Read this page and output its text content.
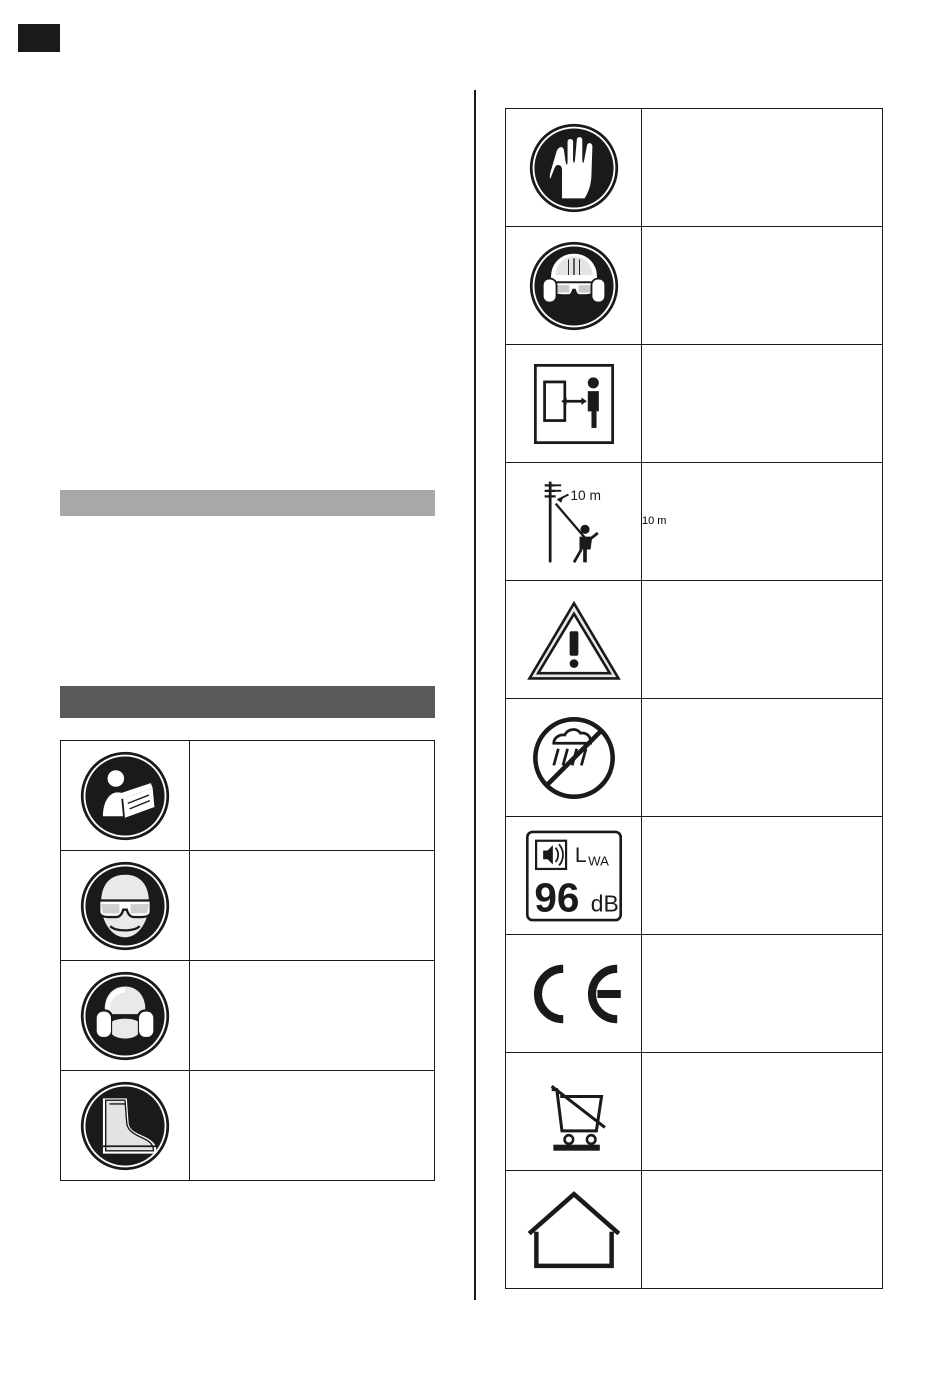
10 m	10 m

L WA
96 dB	
